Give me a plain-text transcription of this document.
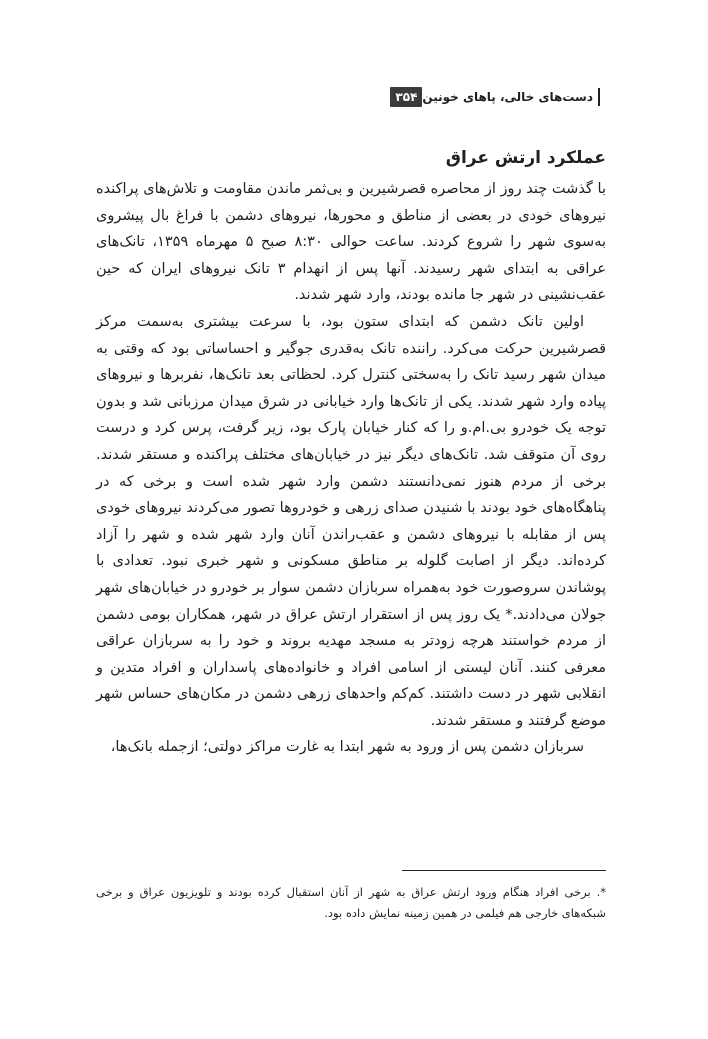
۳۵۴ دست‌های خالی، پاهای خونین
عملکرد ارتش عراق

با گذشت چند روز از محاصره قصرشیرین و بی‌ثمر ماندن مقاومت و تلاش‌های پراکنده نیروهای خودی در بعضی از مناطق و محورها، نیروهای دشمن با فراغ بال پیشروی به‌سوی شهر را شروع کردند. ساعت حوالی ۸:۳۰ صبح ۵ مهرماه ۱۳۵۹، تانک‌های عراقی به ابتدای شهر رسیدند. آنها پس از انهدام ۳ تانک نیروهای ایران که حین عقب‌نشینی در شهر جا مانده بودند، وارد شهر شدند.

اولین تانک دشمن که ابتدای ستون بود، با سرعت بیشتری به‌سمت مرکز قصرشیرین حرکت می‌کرد. راننده تانک به‌قدری جوگیر و احساساتی بود که وقتی به میدان شهر رسید تانک را به‌سختی کنترل کرد. لحظاتی بعد تانک‌ها، نفربرها و نیروهای پیاده وارد شهر شدند. یکی از تانک‌ها وارد خیابانی در شرق میدان مرزبانی شد و بدون توجه یک خودرو بی.ام.و را که کنار خیابان پارک بود، زیر گرفت، پرس کرد و درست روی آن متوقف شد. تانک‌های دیگر نیز در خیابان‌های مختلف پراکنده و مستقر شدند. برخی از مردم هنوز نمی‌دانستند دشمن وارد شهر شده است و برخی که در پناهگاه‌های خود بودند با شنیدن صدای زرهی و خودروها تصور می‌کردند نیروهای خودی پس از مقابله با نیروهای دشمن و عقب‌راندن آنان وارد شهر شده و شهر را آزاد کرده‌اند. دیگر از اصابت گلوله بر مناطق مسکونی و شهر خبری نبود. تعدادی با پوشاندن سروصورت خود به‌همراه سربازان دشمن سوار بر خودرو در خیابان‌های شهر جولان می‌دادند.* یک روز پس از استقرار ارتش عراق در شهر، همکاران بومی دشمن از مردم خواستند هرچه زودتر به مسجد مهدیه بروند و خود را به سربازان عراقی معرفی کنند. آنان لیستی از اسامی افراد و خانواده‌های پاسداران و افراد متدین و انقلابی شهر در دست داشتند. کم‌کم واحدهای زرهی دشمن در مکان‌های حساس شهر موضع گرفتند و مستقر شدند.

سربازان دشمن پس از ورود به شهر ابتدا به غارت مراکز دولتی؛ ازجمله بانک‌ها،

*. برخی افراد هنگام ورود ارتش عراق به شهر از آنان استقبال کرده بودند و تلویزیون عراق و برخی شبکه‌های خارجی هم فیلمی در همین زمینه نمایش داده بود.
